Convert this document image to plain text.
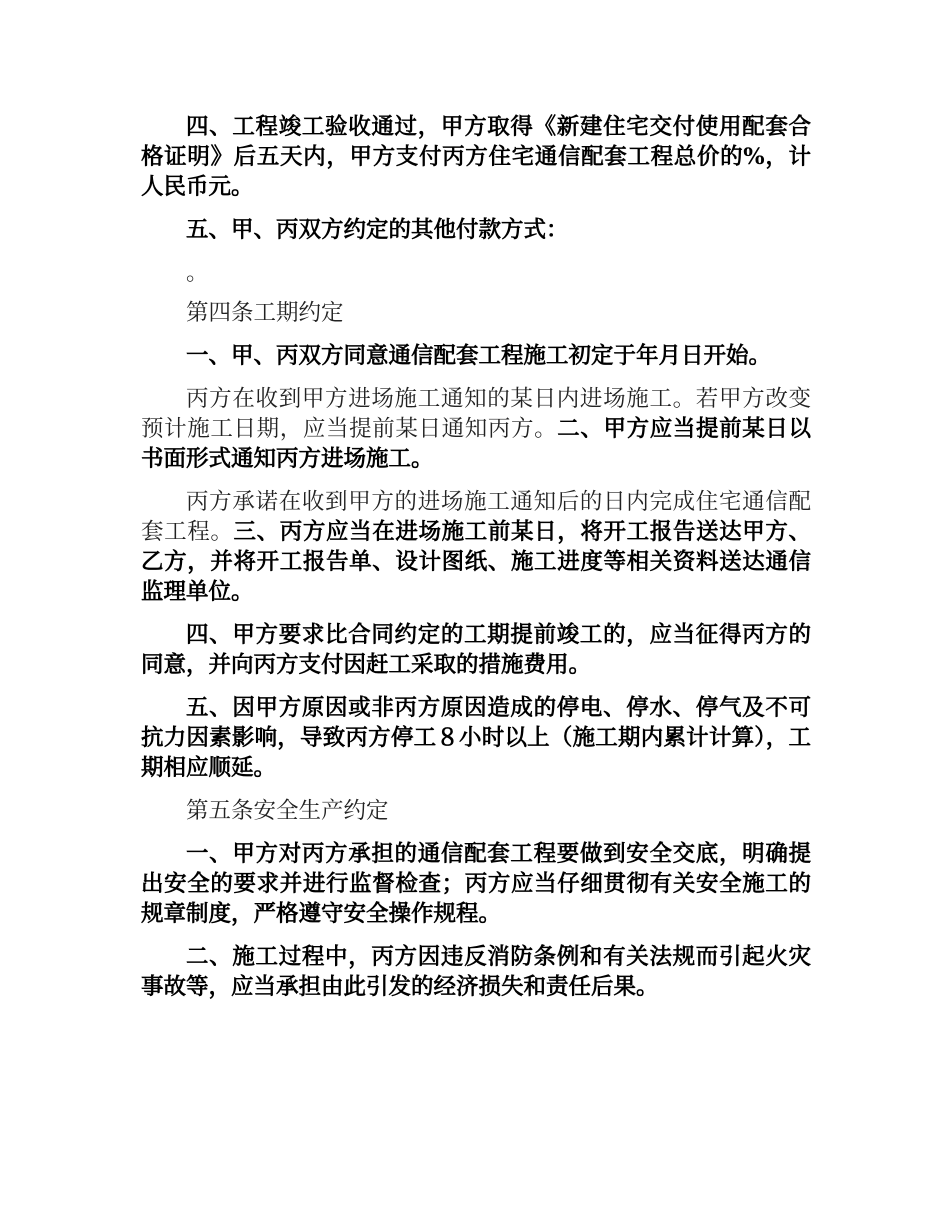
四、工程竣工验收通过，甲方取得《新建住宅交付使用配套合格证明》后五天内，甲方支付丙方住宅通信配套工程总价的%，计人民币元。

五、甲、丙双方约定的其他付款方式：

。

第四条工期约定

一、甲、丙双方同意通信配套工程施工初定于年月日开始。

丙方在收到甲方进场施工通知的某日内进场施工。若甲方改变预计施工日期，应当提前某日通知丙方。二、甲方应当提前某日以书面形式通知丙方进场施工。

丙方承诺在收到甲方的进场施工通知后的日内完成住宅通信配套工程。三、丙方应当在进场施工前某日，将开工报告送达甲方、乙方，并将开工报告单、设计图纸、施工进度等相关资料送达通信监理单位。

四、甲方要求比合同约定的工期提前竣工的，应当征得丙方的同意，并向丙方支付因赶工采取的措施费用。

五、因甲方原因或非丙方原因造成的停电、停水、停气及不可抗力因素影响，导致丙方停工８小时以上（施工期内累计计算），工期相应顺延。

第五条安全生产约定

一、甲方对丙方承担的通信配套工程要做到安全交底，明确提出安全的要求并进行监督检查；丙方应当仔细贯彻有关安全施工的规章制度，严格遵守安全操作规程。

二、施工过程中，丙方因违反消防条例和有关法规而引起火灾事故等，应当承担由此引发的经济损失和责任后果。
